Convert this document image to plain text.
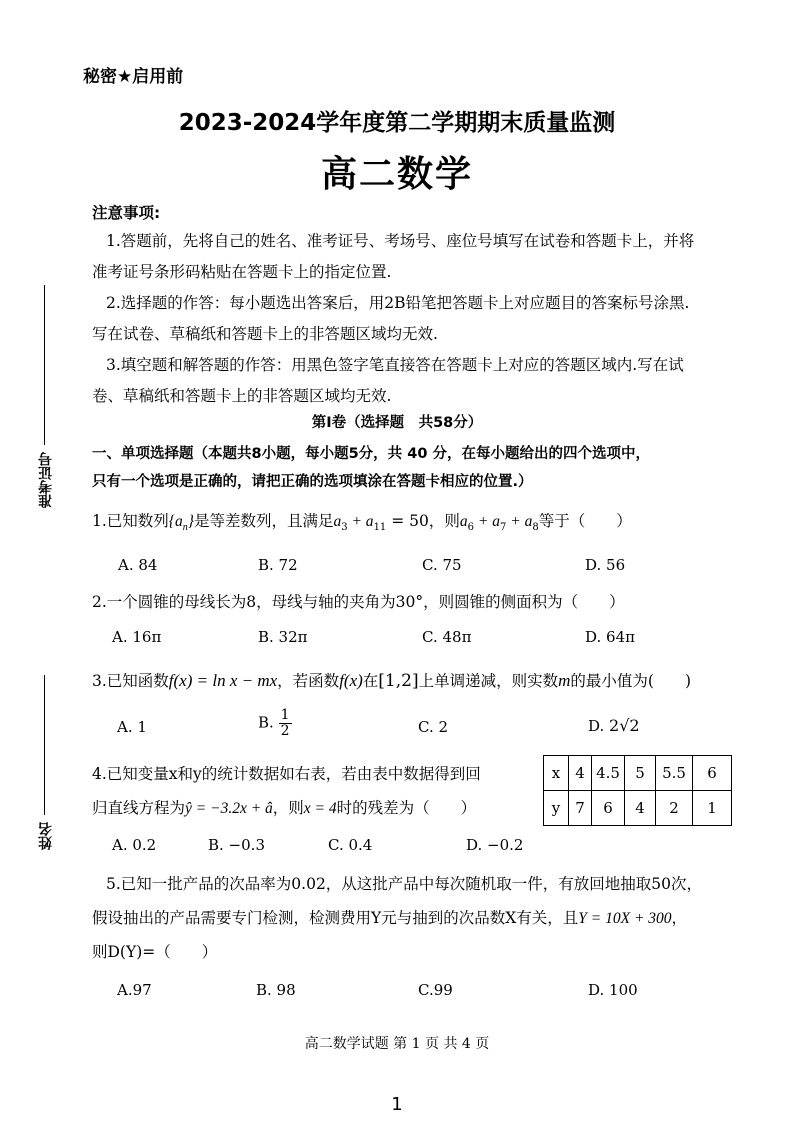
秘密★启用前
2023-2024学年度第二学期期末质量监测
高二数学
准考证号
姓名
注意事项:
1.答题前，先将自己的姓名、准考证号、考场号、座位号填写在试卷和答题卡上，并将
准考证号条形码粘贴在答题卡上的指定位置.
2.选择题的作答：每小题选出答案后，用2B铅笔把答题卡上对应题目的答案标号涂黑.
写在试卷、草稿纸和答题卡上的非答题区域均无效.
3.填空题和解答题的作答：用黑色签字笔直接答在答题卡上对应的答题区域内.写在试
卷、草稿纸和答题卡上的非答题区域均无效.
第Ⅰ卷（选择题　共58分）
一、单项选择题（本题共8小题，每小题5分，共 40 分，在每小题给出的四个选项中，
只有一个选项是正确的，请把正确的选项填涂在答题卡相应的位置.）
1.已知数列$\{a_n\}$是等差数列，且满足$a_3 + a_{11} = 50$，则$a_6 + a_7 + a_8$等于（　　）
A. 84	B. 72	C. 75	D. 56
2.一个圆锥的母线长为8，母线与轴的夹角为30°，则圆锥的侧面积为（　　）
A. 16π	B. 32π	C. 48π	D. 64π
3.已知函数f(x) = ln x − mx，若函数f(x)在[1,2]上单调递减，则实数m的最小值为(　　)
A. 1	B. $\frac{1}{2}$	C. 2	D. 2√2
4.已知变量x和y的统计数据如右表，若由表中数据得到回
归直线方程为ŷ = −3.2x + â，则x = 4时的残差为（　　）
x	4	4.5	5	5.5	6
y	7	6	4	2	1
A. 0.2	B. −0.3	C. 0.4	D. −0.2
5.已知一批产品的次品率为0.02，从这批产品中每次随机取一件，有放回地抽取50次，
假设抽出的产品需要专门检测，检测费用Y元与抽到的次品数X有关，且Y = 10X + 300，
则D(Y)=（　　）
A.97	B. 98	C.99	D. 100
高二数学试题 第 1 页 共 4 页
1
